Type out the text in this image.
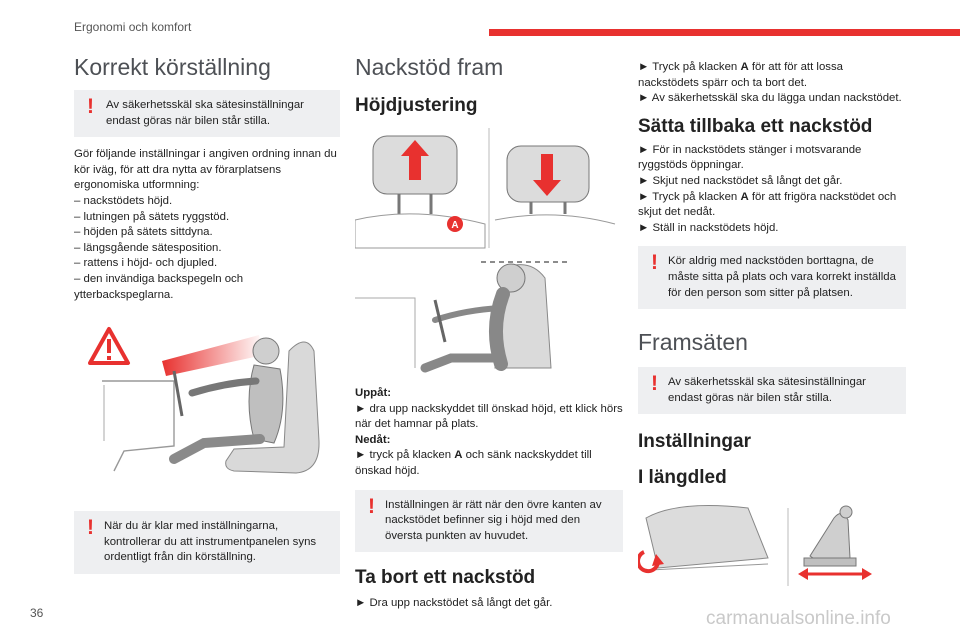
Ergonomi och komfort
Korrekt körställning
!	Av säkerhetsskäl ska sätesinställningar endast göras när bilen står stilla.

Gör följande inställningar i angiven ordning innan du kör iväg, för att dra nytta av förarplatsens ergonomiska utformning:

– nackstödets höjd.

– lutningen på sätets ryggstöd.

– höjden på sätets sittdyna.

– längsgående sätesposition.

– rattens i höjd- och djupled.

– den invändiga backspegeln och ytterbackspeglarna.

! När du är klar med inställningarna, kontrollerar du att instrumentpanelen syns ordentligt från din körställning.

Nackstöd fram
Höjdjustering
A

Uppåt:

► dra upp nackskyddet till önskad höjd, ett klick hörs när det hamnar på plats.

Nedåt:

► tryck på klacken A och sänk nackskyddet till önskad höjd.

! Inställningen är rätt när den övre kanten av nackstödet befinner sig i höjd med den översta punkten av huvudet.

Ta bort ett nackstöd

► Dra upp nackstödet så långt det går.

► Tryck på klacken A för att för att lossa nackstödets spärr och ta bort det.

► Av säkerhetsskäl ska du lägga undan nackstödet.

Sätta tillbaka ett nackstöd

► För in nackstödets stänger i motsvarande ryggstöds öppningar.

► Skjut ned nackstödet så långt det går.

► Tryck på klacken A för att frigöra nackstödet och skjut det nedåt.

► Ställ in nackstödets höjd.

! Kör aldrig med nackstöden borttagna, de måste sitta på plats och vara korrekt inställda för den person som sitter på platsen.

Framsäten
! Av säkerhetsskäl ska sätesinställningar endast göras när bilen står stilla.

Inställningar
I längdled
36	carmanualsonline.info
